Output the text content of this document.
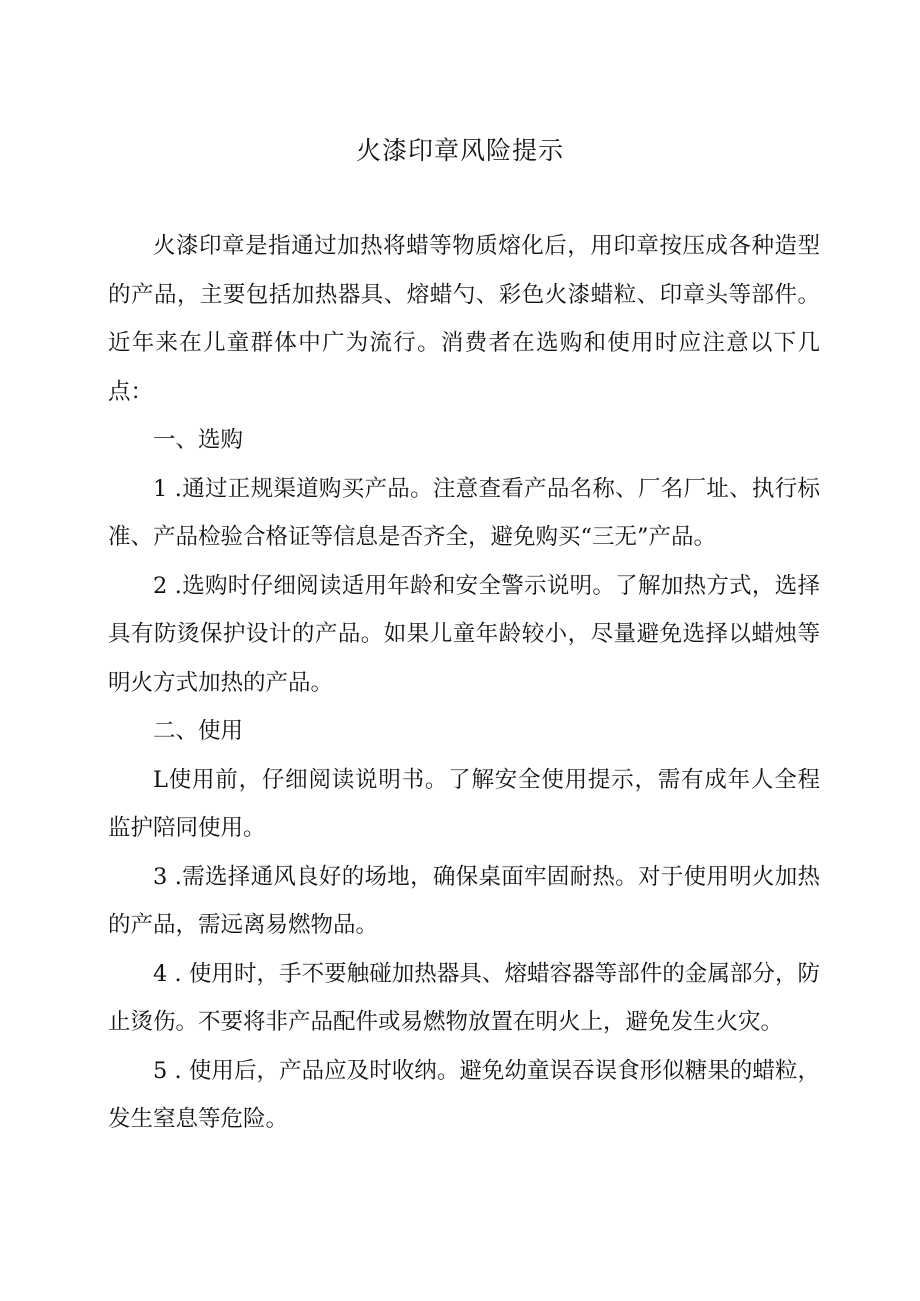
火漆印章风险提示

火漆印章是指通过加热将蜡等物质熔化后，用印章按压成各种造型的产品，主要包括加热器具、熔蜡勺、彩色火漆蜡粒、印章头等部件。近年来在儿童群体中广为流行。消费者在选购和使用时应注意以下几点：

一、选购

1 .通过正规渠道购买产品。注意查看产品名称、厂名厂址、执行标准、产品检验合格证等信息是否齐全，避免购买“三无”产品。

2 .选购时仔细阅读适用年龄和安全警示说明。了解加热方式，选择具有防烫保护设计的产品。如果儿童年龄较小，尽量避免选择以蜡烛等明火方式加热的产品。

二、使用

L使用前，仔细阅读说明书。了解安全使用提示，需有成年人全程监护陪同使用。

3 .需选择通风良好的场地，确保桌面牢固耐热。对于使用明火加热的产品，需远离易燃物品。

4 . 使用时，手不要触碰加热器具、熔蜡容器等部件的金属部分，防止烫伤。不要将非产品配件或易燃物放置在明火上，避免发生火灾。

5 . 使用后，产品应及时收纳。避免幼童误吞误食形似糖果的蜡粒，发生窒息等危险。
